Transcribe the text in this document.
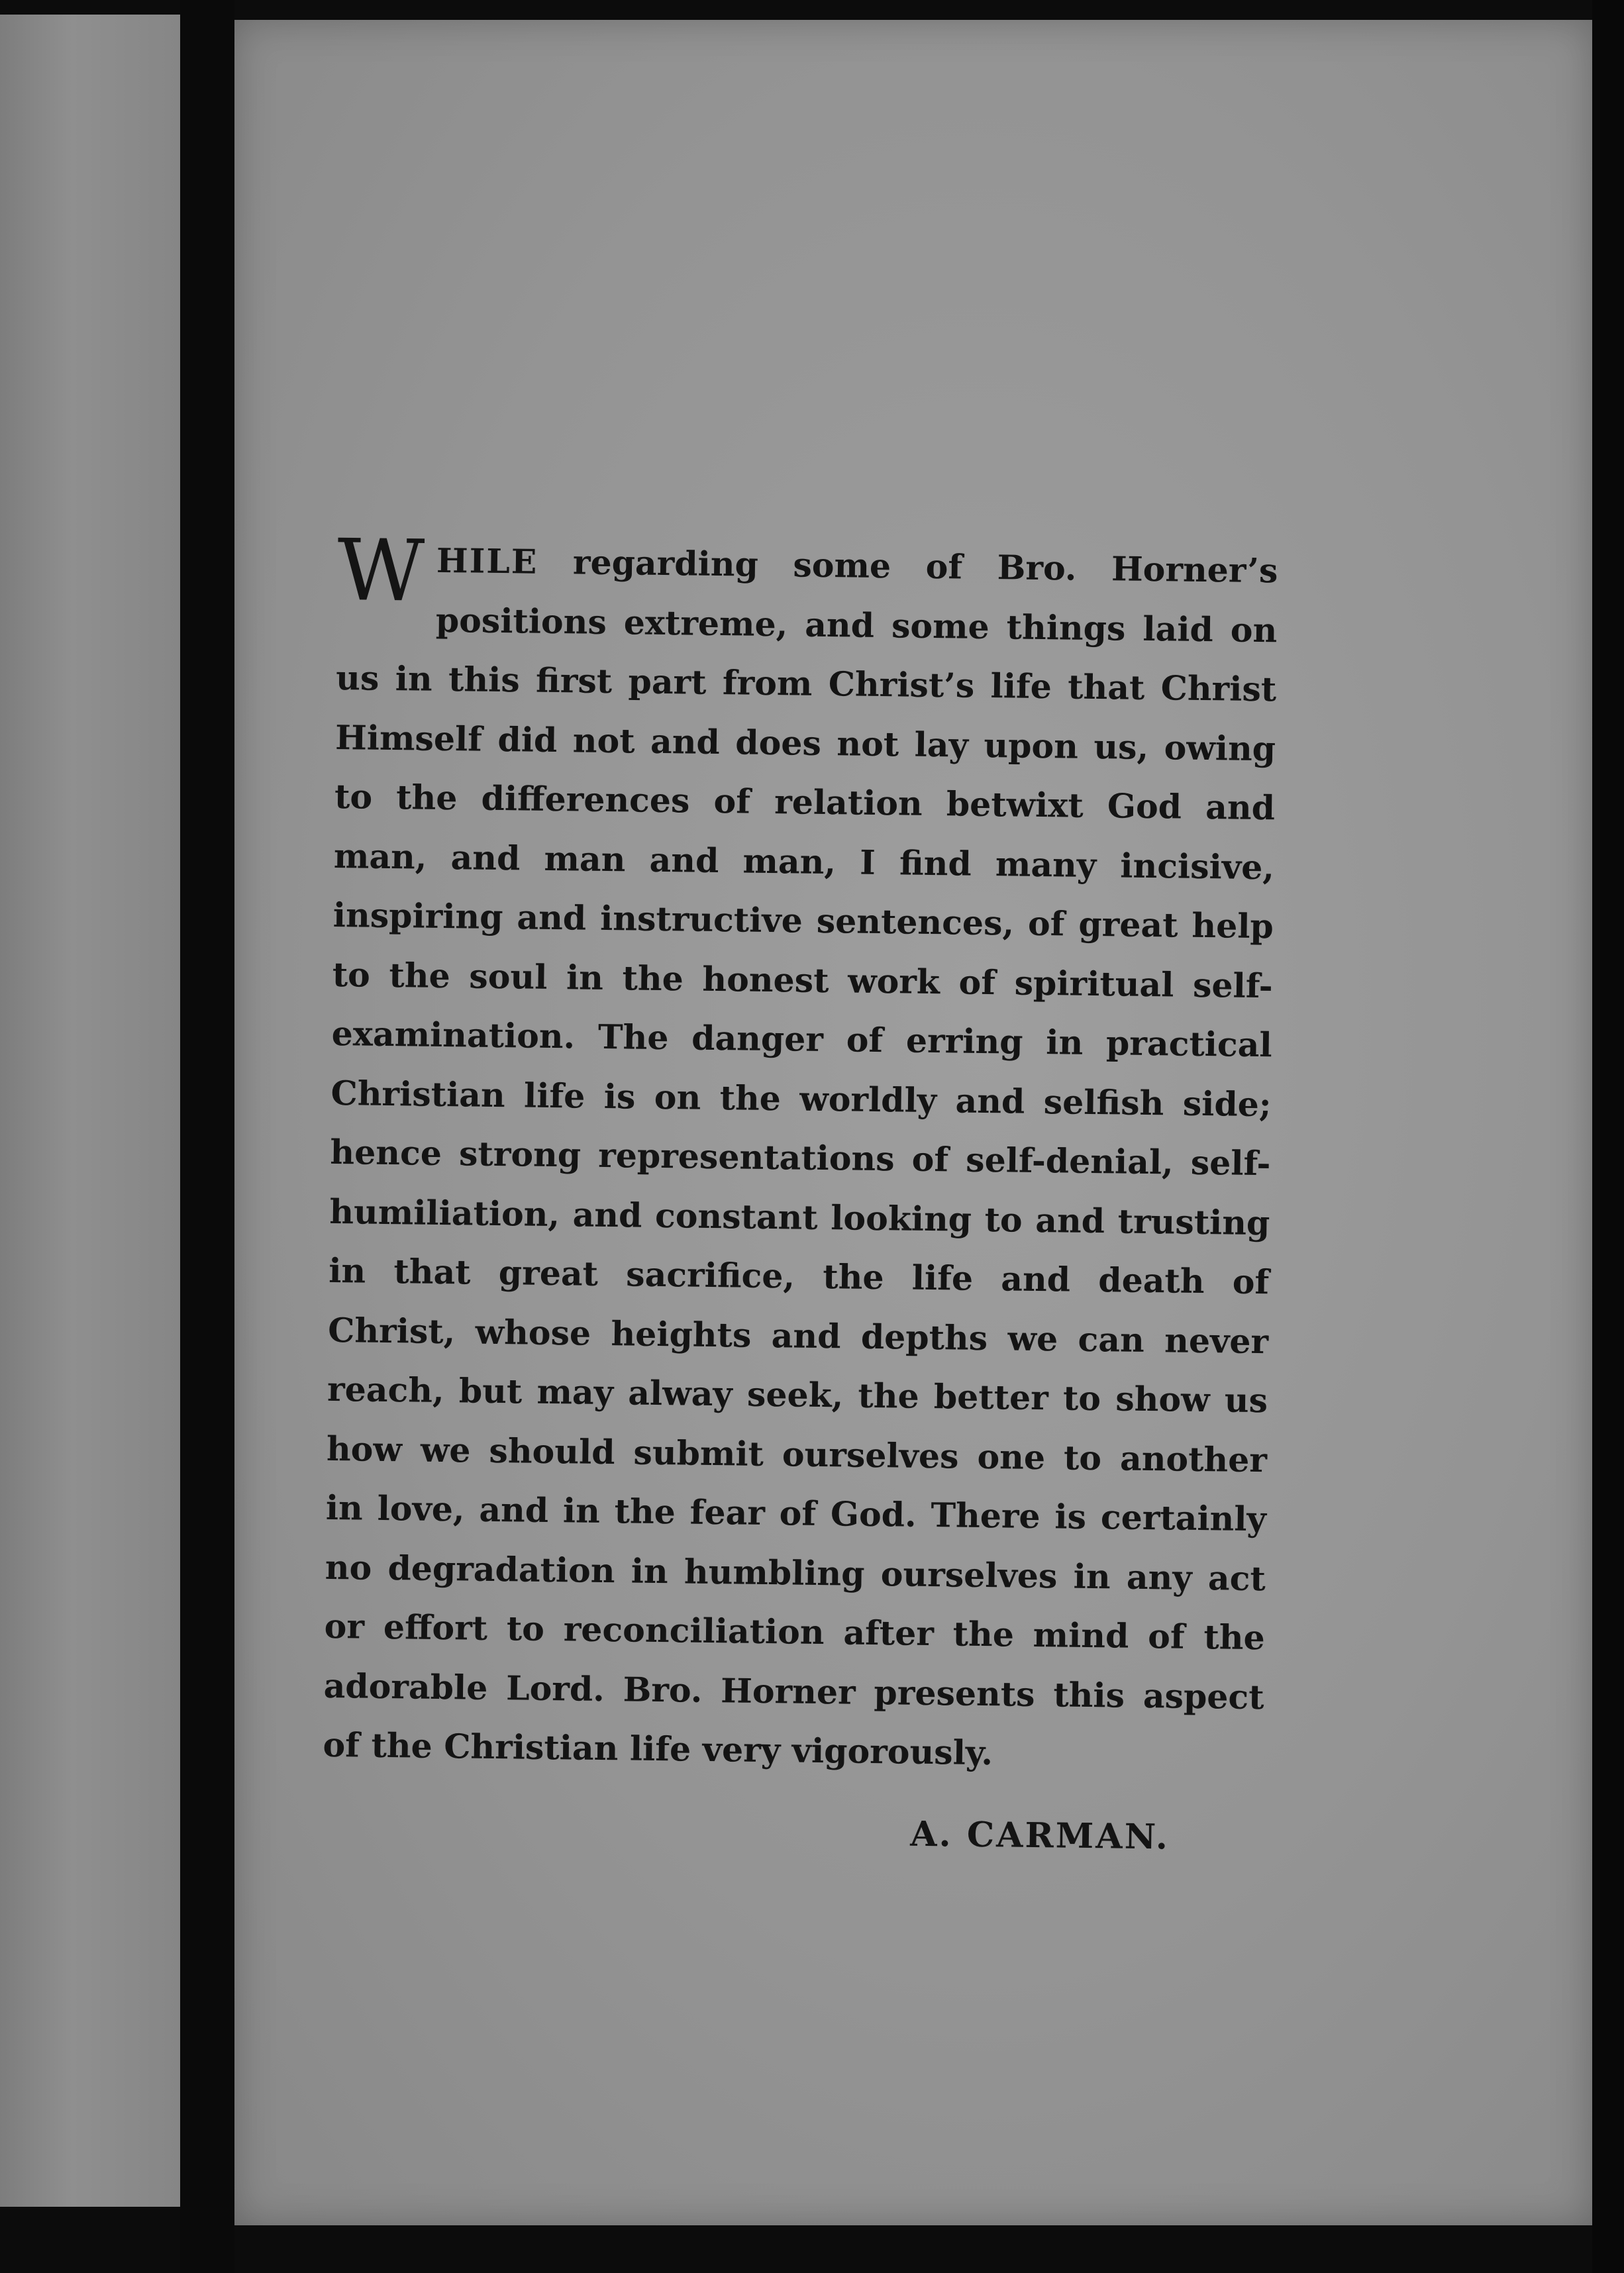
WHILE regarding some of Bro. Horner’s positions extreme, and some things laid on us in this first part from Christ’s life that Christ Himself did not and does not lay upon us, owing to the differences of relation betwixt God and man, and man and man, I find many incisive, inspiring and instructive sentences, of great help to the soul in the honest work of spiritual self-examination. The danger of erring in practical Christian life is on the worldly and selfish side; hence strong representations of self-denial, self-humiliation, and constant looking to and trusting in that great sacrifice, the life and death of Christ, whose heights and depths we can never reach, but may alway seek, the better to show us how we should submit ourselves one to another in love, and in the fear of God. There is certainly no degradation in humbling ourselves in any act or effort to reconciliation after the mind of the adorable Lord. Bro. Horner presents this aspect of the Christian life very vigorously.

A. CARMAN.
